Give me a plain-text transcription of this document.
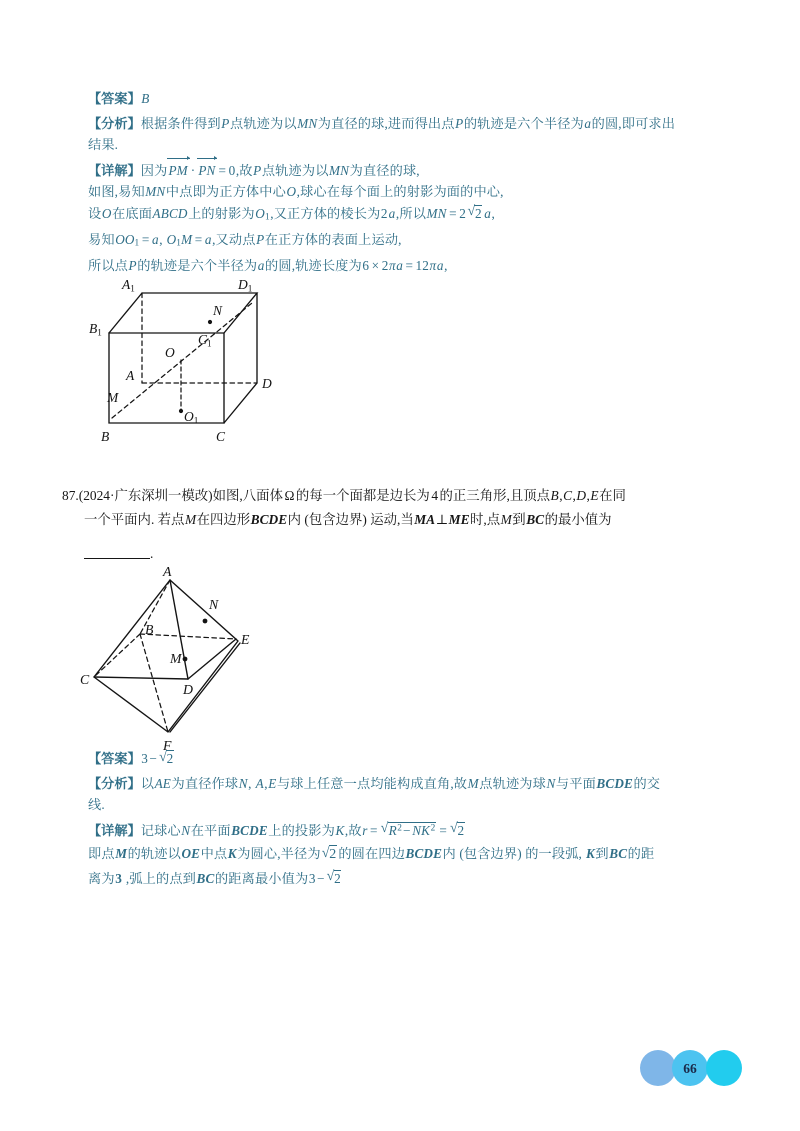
【答案】B
【分析】根据条件得到P点轨迹为以MN为直径的球,进而得出点P的轨迹是六个半径为a的圆,即可求出
结果.
【详解】因为PM · PN = 0,故P点轨迹为以MN为直径的球,
如图,易知MN中点即为正方体中心O,球心在每个面上的射影为面的中心,
设O在底面ABCD上的射影为O1,又正方体的棱长为2a,所以MN = 2 √ 2 a,
易知OO1 = a, O1M = a,又动点P在正方体的表面上运动,
所以点P的轨迹是六个半径为a的圆,轨迹长度为6 × 2πa = 12πa,
A1	D1
B1
N
C1
O
A
D
M
O1
B	C
87.(2024·广东深圳一模改)如图,八面体 Ω 的每一个面都是边长为 4 的正三角形,且顶点B,C,D,E在同
一个平面内. 若点M在四边形BCDE内 (包含边界) 运动,当MA⊥ME时,点M到BC的最小值为
.
A
N
B
E
M
C
D
F
【答案】3 − √ 2
【分析】以AE为直径作球N, A,E与球上任意一点均能构成直角,故M点轨迹为球N与平面BCDE的交
线.
【详解】记球心N在平面BCDE上的投影为K,故r = √ $R^2- NK^2$ = √ 2
即点M的轨迹以OE中点K为圆心,半径为 √ 2 的圆在四边BCDE内 (包含边界) 的一段弧, K到BC的距
离为3 ,弧上的点到BC的距离最小值为3 − √ 2
66
